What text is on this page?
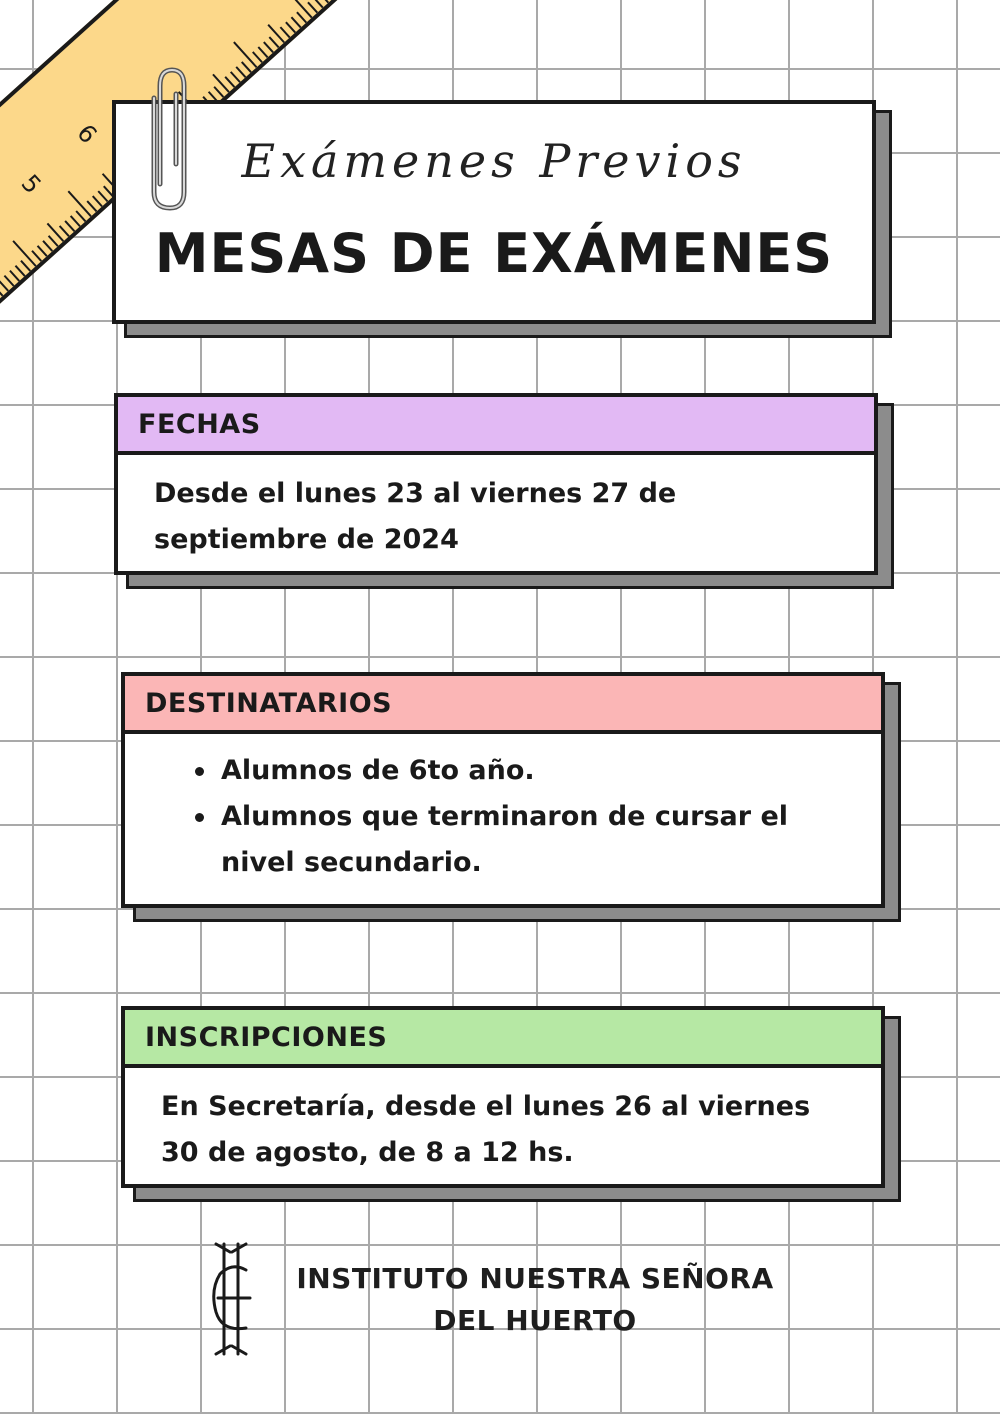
5
6	Exámenes Previos
MESAS DE EXÁMENES
FECHAS
Desde el lunes 23 al viernes 27 de
septiembre de 2024
DESTINATARIOS
Alumnos de 6to año.
Alumnos que terminaron de cursar el
nivel secundario.
INSCRIPCIONES
En Secretaría, desde el lunes 26 al viernes
30 de agosto, de 8 a 12 hs.
INSTITUTO NUESTRA SEÑORA
DEL HUERTO
